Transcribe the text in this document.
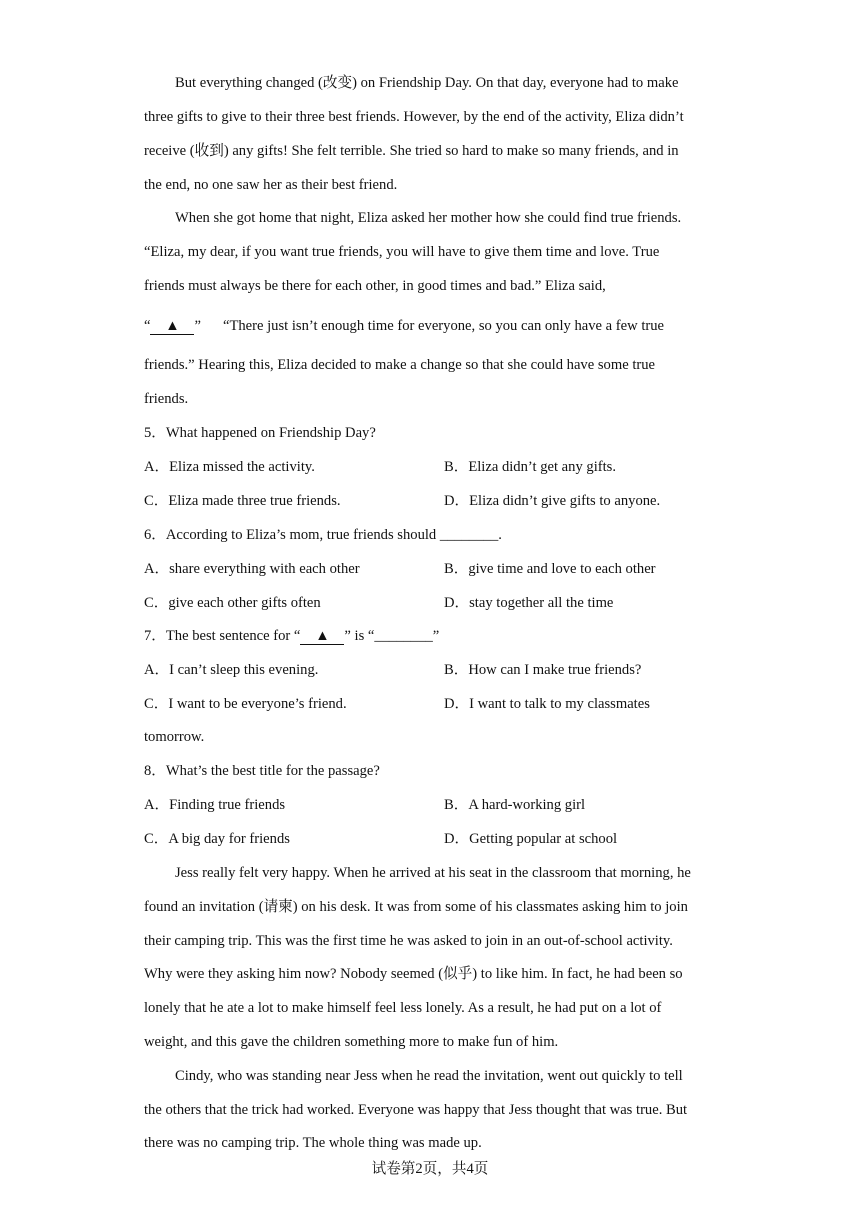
But everything changed (改变) on Friendship Day. On that day, everyone had to make
three gifts to give to their three best friends. However, by the end of the activity, Eliza didn’t
receive (收到) any gifts! She felt terrible. She tried so hard to make so many friends, and in
the end, no one saw her as their best friend.
When she got home that night, Eliza asked her mother how she could find true friends.
“Eliza, my dear, if you want true friends, you will have to give them time and love. True
friends must always be there for each other, in good times and bad.” Eliza said,
“ ▲ ” “There just isn’t enough time for everyone, so you can only have a few true
friends.” Hearing this, Eliza decided to make a change so that she could have some true
friends.
5．What happened on Friendship Day?
A．Eliza missed the activity.	B．Eliza didn’t get any gifts.
C．Eliza made three true friends.	D．Eliza didn’t give gifts to anyone.
6．According to Eliza’s mom, true friends should ________.
A．share everything with each other	B．give time and love to each other
C．give each other gifts often	D．stay together all the time
7．The best sentence for “ ▲ ” is “________”
A．I can’t sleep this evening.	B．How can I make true friends?
C．I want to be everyone’s friend.	D．I want to talk to my classmates
tomorrow.
8．What’s the best title for the passage?
A．Finding true friends	B．A hard-working girl
C．A big day for friends	D．Getting popular at school
Jess really felt very happy. When he arrived at his seat in the classroom that morning, he
found an invitation (请柬) on his desk. It was from some of his classmates asking him to join
their camping trip. This was the first time he was asked to join in an out-of-school activity.
Why were they asking him now? Nobody seemed (似乎) to like him. In fact, he had been so
lonely that he ate a lot to make himself feel less lonely. As a result, he had put on a lot of
weight, and this gave the children something more to make fun of him.
Cindy, who was standing near Jess when he read the invitation, went out quickly to tell
the others that the trick had worked. Everyone was happy that Jess thought that was true. But
there was no camping trip. The whole thing was made up.
试卷第2页，共4页
